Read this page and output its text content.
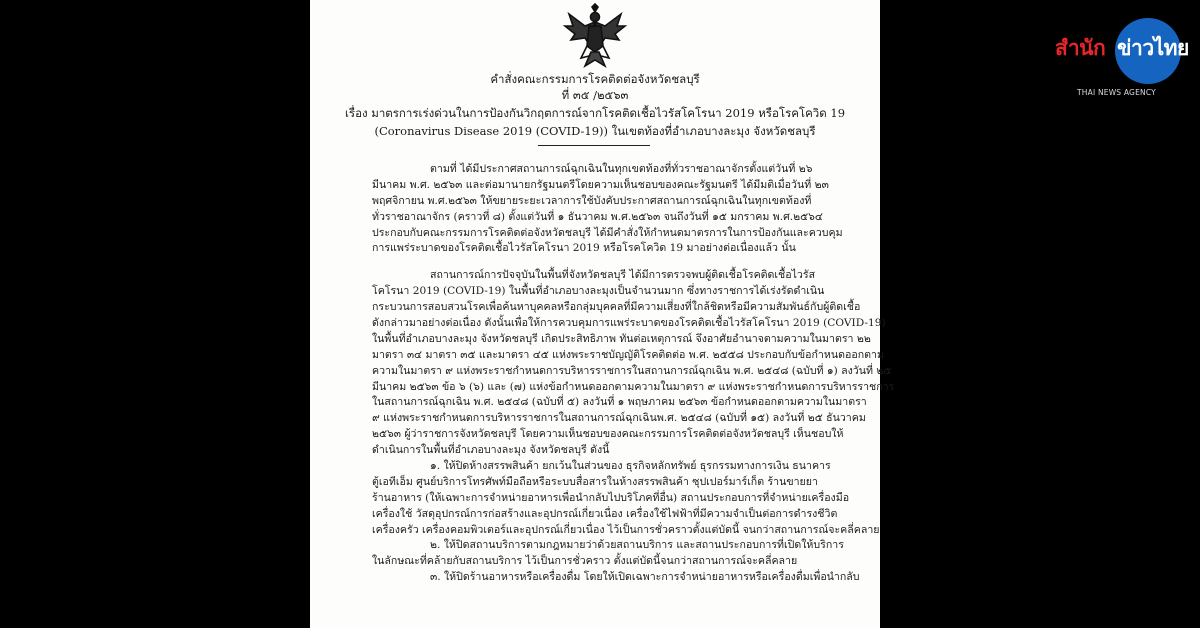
คำสั่งคณะกรรมการโรคติดต่อจังหวัดชลบุรี
ที่ ๓๕ /๒๕๖๓
เรื่อง มาตรการเร่งด่วนในการป้องกันวิกฤตการณ์จากโรคติดเชื้อไวรัสโคโรนา 2019 หรือโรคโควิด 19
(Coronavirus Disease 2019 (COVID-19)) ในเขตท้องที่อำเภอบางละมุง จังหวัดชลบุรี
ตามที่ ได้มีประกาศสถานการณ์ฉุกเฉินในทุกเขตท้องที่ทั่วราชอาณาจักรตั้งแต่วันที่ ๒๖
มีนาคม พ.ศ. ๒๕๖๓ และต่อมานายกรัฐมนตรีโดยความเห็นชอบของคณะรัฐมนตรี ได้มีมติเมื่อวันที่ ๒๓
พฤศจิกายน พ.ศ.๒๕๖๓ ให้ขยายระยะเวลาการใช้บังคับประกาศสถานการณ์ฉุกเฉินในทุกเขตท้องที่
ทั่วราชอาณาจักร (คราวที่ ๘) ตั้งแต่วันที่ ๑ ธันวาคม พ.ศ.๒๕๖๓ จนถึงวันที่ ๑๕ มกราคม พ.ศ.๒๕๖๔
ประกอบกับคณะกรรมการโรคติดต่อจังหวัดชลบุรี ได้มีคำสั่งให้กำหนดมาตรการในการป้องกันและควบคุม
การแพร่ระบาดของโรคติดเชื้อไวรัสโคโรนา 2019 หรือโรคโควิด 19 มาอย่างต่อเนื่องแล้ว นั้น
สถานการณ์การปัจจุบันในพื้นที่จังหวัดชลบุรี ได้มีการตรวจพบผู้ติดเชื้อโรคติดเชื้อไวรัส
โคโรนา 2019 (COVID-19) ในพื้นที่อำเภอบางละมุงเป็นจำนวนมาก ซึ่งทางราชการได้เร่งรัดดำเนิน
กระบวนการสอบสวนโรคเพื่อค้นหาบุคคลหรือกลุ่มบุคคลที่มีความเสี่ยงที่ใกล้ชิดหรือมีความสัมพันธ์กับผู้ติดเชื้อ
ดังกล่าวมาอย่างต่อเนื่อง ดังนั้นเพื่อให้การควบคุมการแพร่ระบาดของโรคติดเชื้อไวรัสโคโรนา 2019 (COVID-19)
ในพื้นที่อำเภอบางละมุง จังหวัดชลบุรี เกิดประสิทธิภาพ ทันต่อเหตุการณ์ จึงอาศัยอำนาจตามความในมาตรา ๒๒
มาตรา ๓๔ มาตรา ๓๕ และมาตรา ๔๕ แห่งพระราชบัญญัติโรคติดต่อ พ.ศ. ๒๕๕๘ ประกอบกับข้อกำหนดออกตาม
ความในมาตรา ๙ แห่งพระราชกำหนดการบริหารราชการในสถานการณ์ฉุกเฉิน พ.ศ. ๒๕๔๘ (ฉบับที่ ๑) ลงวันที่ ๒๕
มีนาคม ๒๕๖๓ ข้อ ๖ (๖) และ (๗) แห่งข้อกำหนดออกตามความในมาตรา ๙ แห่งพระราชกำหนดการบริหารราชการ
ในสถานการณ์ฉุกเฉิน พ.ศ. ๒๕๔๘ (ฉบับที่ ๕) ลงวันที่ ๑ พฤษภาคม ๒๕๖๓ ข้อกำหนดออกตามความในมาตรา
๙ แห่งพระราชกำหนดการบริหารราชการในสถานการณ์ฉุกเฉินพ.ศ. ๒๕๔๘ (ฉบับที่ ๑๕) ลงวันที่ ๒๕ ธันวาคม
๒๕๖๓ ผู้ว่าราชการจังหวัดชลบุรี โดยความเห็นชอบของคณะกรรมการโรคติดต่อจังหวัดชลบุรี เห็นชอบให้
ดำเนินการในพื้นที่อำเภอบางละมุง จังหวัดชลบุรี ดังนี้
๑. ให้ปิดห้างสรรพสินค้า ยกเว้นในส่วนของ ธุรกิจหลักทรัพย์ ธุรกรรมทางการเงิน ธนาคาร
ตู้เอทีเอ็ม ศูนย์บริการโทรศัพท์มือถือหรือระบบสื่อสารในห้างสรรพสินค้า ซุปเปอร์มาร์เก็ต ร้านขายยา
ร้านอาหาร (ให้เฉพาะการจำหน่ายอาหารเพื่อนำกลับไปบริโภคที่อื่น) สถานประกอบการที่จำหน่ายเครื่องมือ
เครื่องใช้ วัสดุอุปกรณ์การก่อสร้างและอุปกรณ์เกี่ยวเนื่อง เครื่องใช้ไฟฟ้าที่มีความจำเป็นต่อการดำรงชีวิต
เครื่องครัว เครื่องคอมพิวเตอร์และอุปกรณ์เกี่ยวเนื่อง ไว้เป็นการชั่วคราวตั้งแต่บัดนี้ จนกว่าสถานการณ์จะคลี่คลาย
๒. ให้ปิดสถานบริการตามกฎหมายว่าด้วยสถานบริการ และสถานประกอบการที่เปิดให้บริการ
ในลักษณะที่คล้ายกับสถานบริการ ไว้เป็นการชั่วคราว ตั้งแต่บัดนี้จนกว่าสถานการณ์จะคลี่คลาย
๓. ให้ปิดร้านอาหารหรือเครื่องดื่ม โดยให้เปิดเฉพาะการจำหน่ายอาหารหรือเครื่องดื่มเพื่อนำกลับ
สำนัก ข่าวไทย
THAI NEWS AGENCY
